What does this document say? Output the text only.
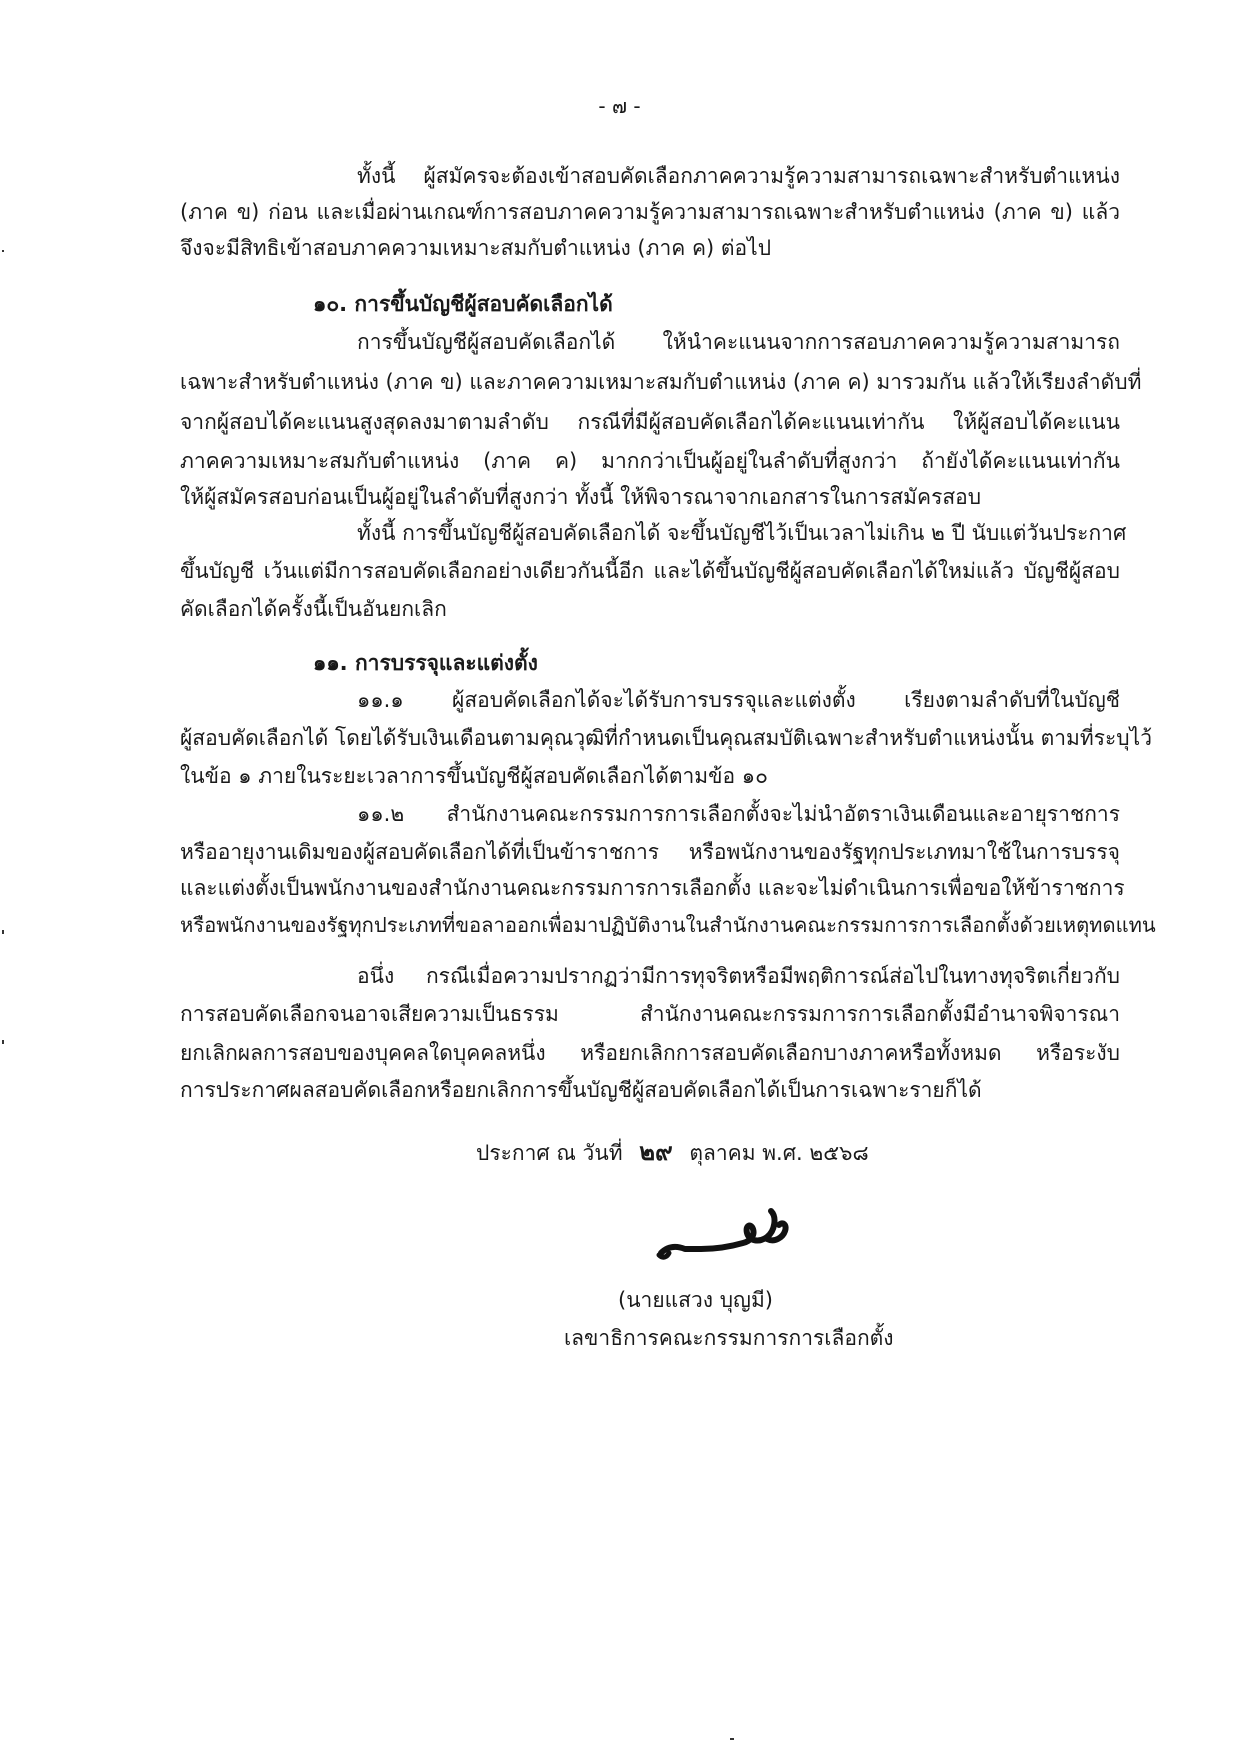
- ๗ -
ทั้งนี้ ผู้สมัครจะต้องเข้าสอบคัดเลือกภาคความรู้ความสามารถเฉพาะสำหรับตำแหน่ง
(ภาค ข) ก่อน และเมื่อผ่านเกณฑ์การสอบภาคความรู้ความสามารถเฉพาะสำหรับตำแหน่ง (ภาค ข) แล้ว
จึงจะมีสิทธิเข้าสอบภาคความเหมาะสมกับตำแหน่ง (ภาค ค) ต่อไป
๑๐. การขึ้นบัญชีผู้สอบคัดเลือกได้
การขึ้นบัญชีผู้สอบคัดเลือกได้ ให้นำคะแนนจากการสอบภาคความรู้ความสามารถ
เฉพาะสำหรับตำแหน่ง (ภาค ข) และภาคความเหมาะสมกับตำแหน่ง (ภาค ค) มารวมกัน แล้วให้เรียงลำดับที่
จากผู้สอบได้คะแนนสูงสุดลงมาตามลำดับ กรณีที่มีผู้สอบคัดเลือกได้คะแนนเท่ากัน ให้ผู้สอบได้คะแนน
ภาคความเหมาะสมกับตำแหน่ง (ภาค ค) มากกว่าเป็นผู้อยู่ในลำดับที่สูงกว่า ถ้ายังได้คะแนนเท่ากัน
ให้ผู้สมัครสอบก่อนเป็นผู้อยู่ในลำดับที่สูงกว่า ทั้งนี้ ให้พิจารณาจากเอกสารในการสมัครสอบ
ทั้งนี้ การขึ้นบัญชีผู้สอบคัดเลือกได้ จะขึ้นบัญชีไว้เป็นเวลาไม่เกิน ๒ ปี นับแต่วันประกาศ
ขึ้นบัญชี เว้นแต่มีการสอบคัดเลือกอย่างเดียวกันนี้อีก และได้ขึ้นบัญชีผู้สอบคัดเลือกได้ใหม่แล้ว บัญชีผู้สอบ
คัดเลือกได้ครั้งนี้เป็นอันยกเลิก
๑๑. การบรรจุและแต่งตั้ง
๑๑.๑ ผู้สอบคัดเลือกได้จะได้รับการบรรจุและแต่งตั้ง เรียงตามลำดับที่ในบัญชี
ผู้สอบคัดเลือกได้ โดยได้รับเงินเดือนตามคุณวุฒิที่กำหนดเป็นคุณสมบัติเฉพาะสำหรับตำแหน่งนั้น ตามที่ระบุไว้
ในข้อ ๑ ภายในระยะเวลาการขึ้นบัญชีผู้สอบคัดเลือกได้ตามข้อ ๑๐
๑๑.๒ สำนักงานคณะกรรมการการเลือกตั้งจะไม่นำอัตราเงินเดือนและอายุราชการ
หรืออายุงานเดิมของผู้สอบคัดเลือกได้ที่เป็นข้าราชการ หรือพนักงานของรัฐทุกประเภทมาใช้ในการบรรจุ
และแต่งตั้งเป็นพนักงานของสำนักงานคณะกรรมการการเลือกตั้ง และจะไม่ดำเนินการเพื่อขอให้ข้าราชการ
หรือพนักงานของรัฐทุกประเภทที่ขอลาออกเพื่อมาปฏิบัติงานในสำนักงานคณะกรรมการการเลือกตั้งด้วยเหตุทดแทน
อนึ่ง กรณีเมื่อความปรากฏว่ามีการทุจริตหรือมีพฤติการณ์ส่อไปในทางทุจริตเกี่ยวกับ
การสอบคัดเลือกจนอาจเสียความเป็นธรรม สำนักงานคณะกรรมการการเลือกตั้งมีอำนาจพิจารณา
ยกเลิกผลการสอบของบุคคลใดบุคคลหนึ่ง หรือยกเลิกการสอบคัดเลือกบางภาคหรือทั้งหมด หรือระงับ
การประกาศผลสอบคัดเลือกหรือยกเลิกการขึ้นบัญชีผู้สอบคัดเลือกได้เป็นการเฉพาะรายก็ได้
ประกาศ ณ วันที่ ๒๙ ตุลาคม พ.ศ. ๒๕๖๘
(นายแสวง บุญมี)
เลขาธิการคณะกรรมการการเลือกตั้ง
